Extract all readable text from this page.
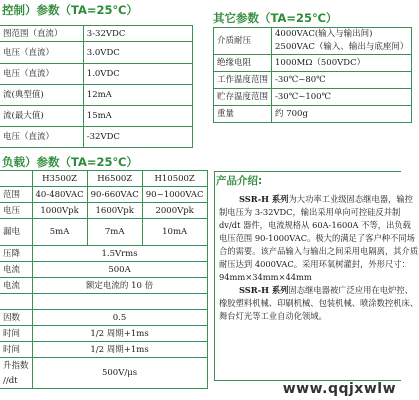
控制）参数（TA=25℃）
图范围（直流）	3-32VDC
电压（直流）	3.0VDC
电压（直流）	1.0VDC
流(典型值)	12mA
流(最大值)	15mA
电压（直流）	-32VDC
其它参数（TA=25℃）
介质耐压	4000VAC(输入与输出间)
2500VAC（输入、输出与底座间）

绝缘电阻	1000MΩ（500VDC）
工作温度范围	-30℃~80℃
贮存温度范围	-30℃~100℃
重量	约 700g
负载）参数（TA=25℃）
	H3500Z	H6500Z	H10500Z
范围	40-480VAC	90-660VAC	90~1000VAC
电压	1000Vpk	1600Vpk	2000Vpk
漏电	5mA	7mA	10mA
压降	1.5Vrms		
电流	500A		
电流	额定电流的 10 倍		

因数	0.5		
时间	1/2 周期+1ms		
时间	1/2 周期+1ms		
升指数	500V/μs		
//dt			
产品介绍:

SSR-H 系列为大功率工业级固态继电器，输控制电压为 3-32VDC，输出采用单向可控硅反并制 dv/dt 器件，电流规格从 60A-1600A 不等，出负载电压范围 90-1000VAC。极大的满足了客户种不同场合的需要。该产品输入与输出之间采用电隔离，其介质耐压达到 4000VAC。采用环氧树灌封，外形尺寸：94mm×34mm×44mm

SSR-H 系列固态继电器被广泛应用在电炉控、橡胶塑料机械、印刷机械、包装机械、喷涂数控机床、舞台灯光等工业自动化领域。

www.qqjxwlw
